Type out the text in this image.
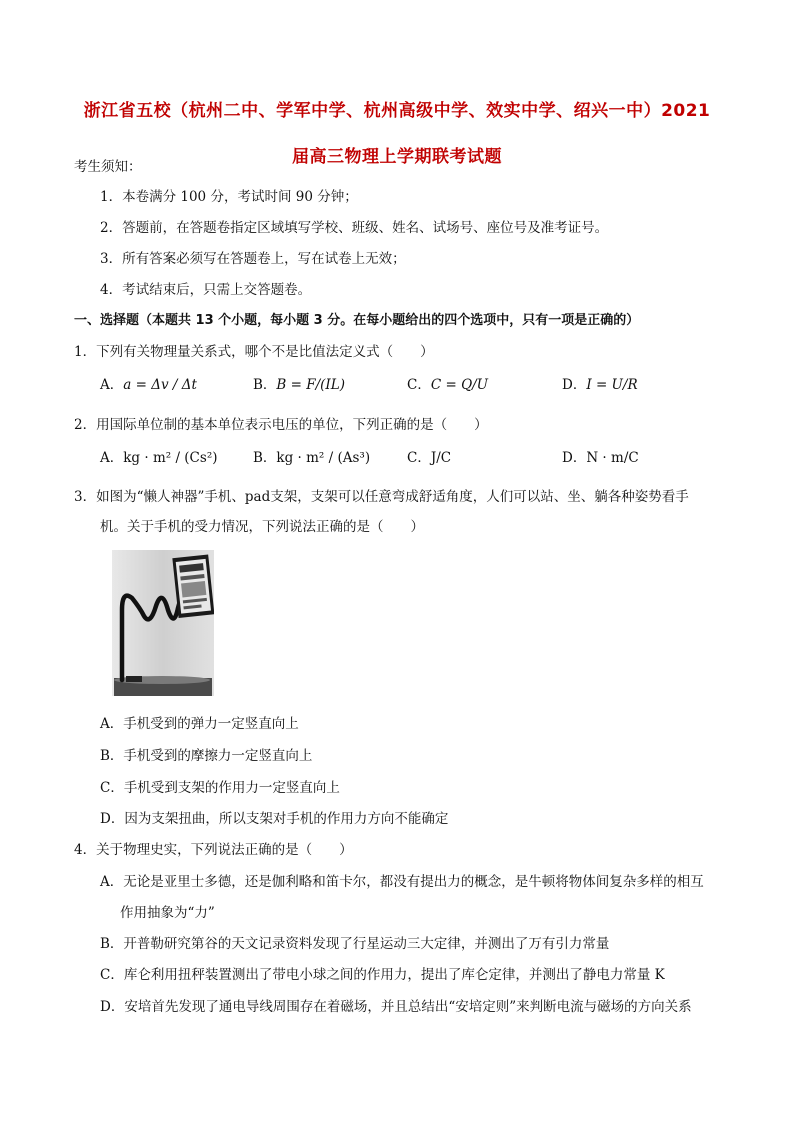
浙江省五校（杭州二中、学军中学、杭州高级中学、效实中学、绍兴一中）2021
届高三物理上学期联考试题
考生须知：
1．本卷满分 100 分，考试时间 90 分钟；
2．答题前，在答题卷指定区域填写学校、班级、姓名、试场号、座位号及准考证号。
3．所有答案必须写在答题卷上，写在试卷上无效；
4．考试结束后，只需上交答题卷。
一、选择题（本题共 13 个小题，每小题 3 分。在每小题给出的四个选项中，只有一项是正确的）
1．下列有关物理量关系式，哪个不是比值法定义式（　　）
A．a = Δv / Δt	B．B = F/(IL)	C．C = Q/U	D．I = U/R
2．用国际单位制的基本单位表示电压的单位，下列正确的是（　　）
A．kg · m² / (Cs²)	B．kg · m² / (As³)	C．J/C	D．N · m/C
3．如图为“懒人神器”手机、pad支架，支架可以任意弯成舒适角度，人们可以站、坐、躺各种姿势看手
机。关于手机的受力情况，下列说法正确的是（　　）
A．手机受到的弹力一定竖直向上
B．手机受到的摩擦力一定竖直向上
C．手机受到支架的作用力一定竖直向上
D．因为支架扭曲，所以支架对手机的作用力方向不能确定
4．关于物理史实，下列说法正确的是（　　）
A．无论是亚里士多德，还是伽利略和笛卡尔，都没有提出力的概念，是牛顿将物体间复杂多样的相互
作用抽象为“力”
B．开普勒研究第谷的天文记录资料发现了行星运动三大定律，并测出了万有引力常量
C．库仑利用扭秤装置测出了带电小球之间的作用力，提出了库仑定律，并测出了静电力常量 K
D．安培首先发现了通电导线周围存在着磁场，并且总结出“安培定则”来判断电流与磁场的方向关系
